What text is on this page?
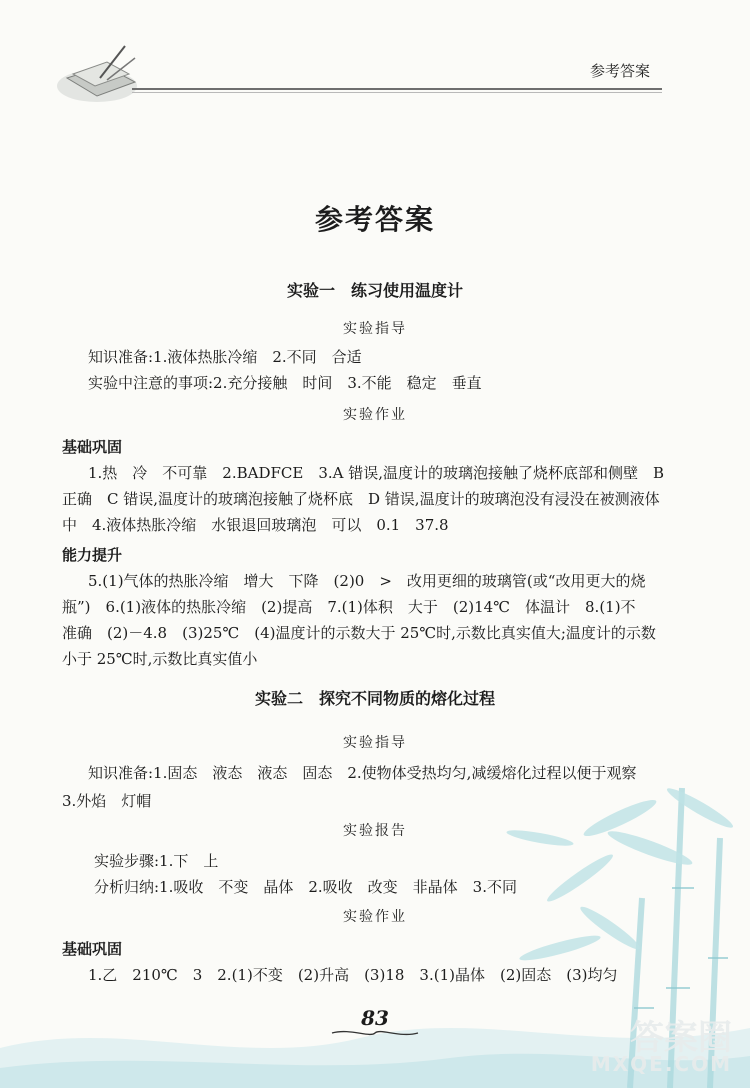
参考答案
参考答案
实验一　练习使用温度计
实验指导
知识准备:1.液体热胀冷缩　2.不同　合适
实验中注意的事项:2.充分接触　时间　3.不能　稳定　垂直
实验作业
基础巩固
1.热　冷　不可靠　2.BADFCE　3.A 错误,温度计的玻璃泡接触了烧杯底部和侧壁　B
正确　C 错误,温度计的玻璃泡接触了烧杯底　D 错误,温度计的玻璃泡没有浸没在被测液体
中　4.液体热胀冷缩　水银退回玻璃泡　可以　0.1　37.8
能力提升
5.(1)气体的热胀冷缩　增大　下降　(2)0　>　改用更细的玻璃管(或“改用更大的烧
瓶”)　6.(1)液体的热胀冷缩　(2)提高　7.(1)体积　大于　(2)14℃　体温计　8.(1)不
准确　(2)－4.8　(3)25℃　(4)温度计的示数大于 25℃时,示数比真实值大;温度计的示数
小于 25℃时,示数比真实值小
实验二　探究不同物质的熔化过程
实验指导
知识准备:1.固态　液态　液态　固态　2.使物体受热均匀,减缓熔化过程以便于观察
3.外焰　灯帽
实验报告
实验步骤:1.下　上
分析归纳:1.吸收　不变　晶体　2.吸收　改变　非晶体　3.不同
实验作业
基础巩固
1.乙　210℃　3　2.(1)不变　(2)升高　(3)18　3.(1)晶体　(2)固态　(3)均匀
83	答案圈
MXQE.COM
